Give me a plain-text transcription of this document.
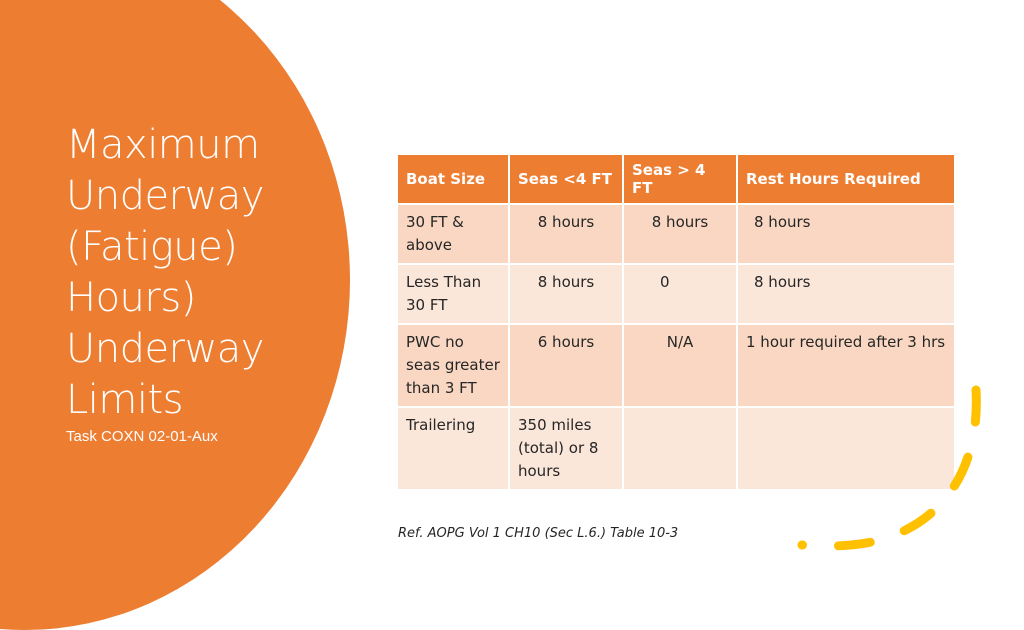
Maximum
Underway
(Fatigue)
Hours)
Underway
Limits
Task COXN 02-01-Aux
Boat Size	Seas <4 FT	Seas > 4 FT	Rest Hours Required
30 FT & above	8 hours	8 hours	8 hours
Less Than 30 FT	8 hours	0	8 hours
PWC no seas greater than 3 FT	6 hours	N/A	1 hour required after 3 hrs
Trailering	350 miles (total) or 8 hours		
Ref. AOPG Vol 1 CH10 (Sec L.6.) Table 10-3
